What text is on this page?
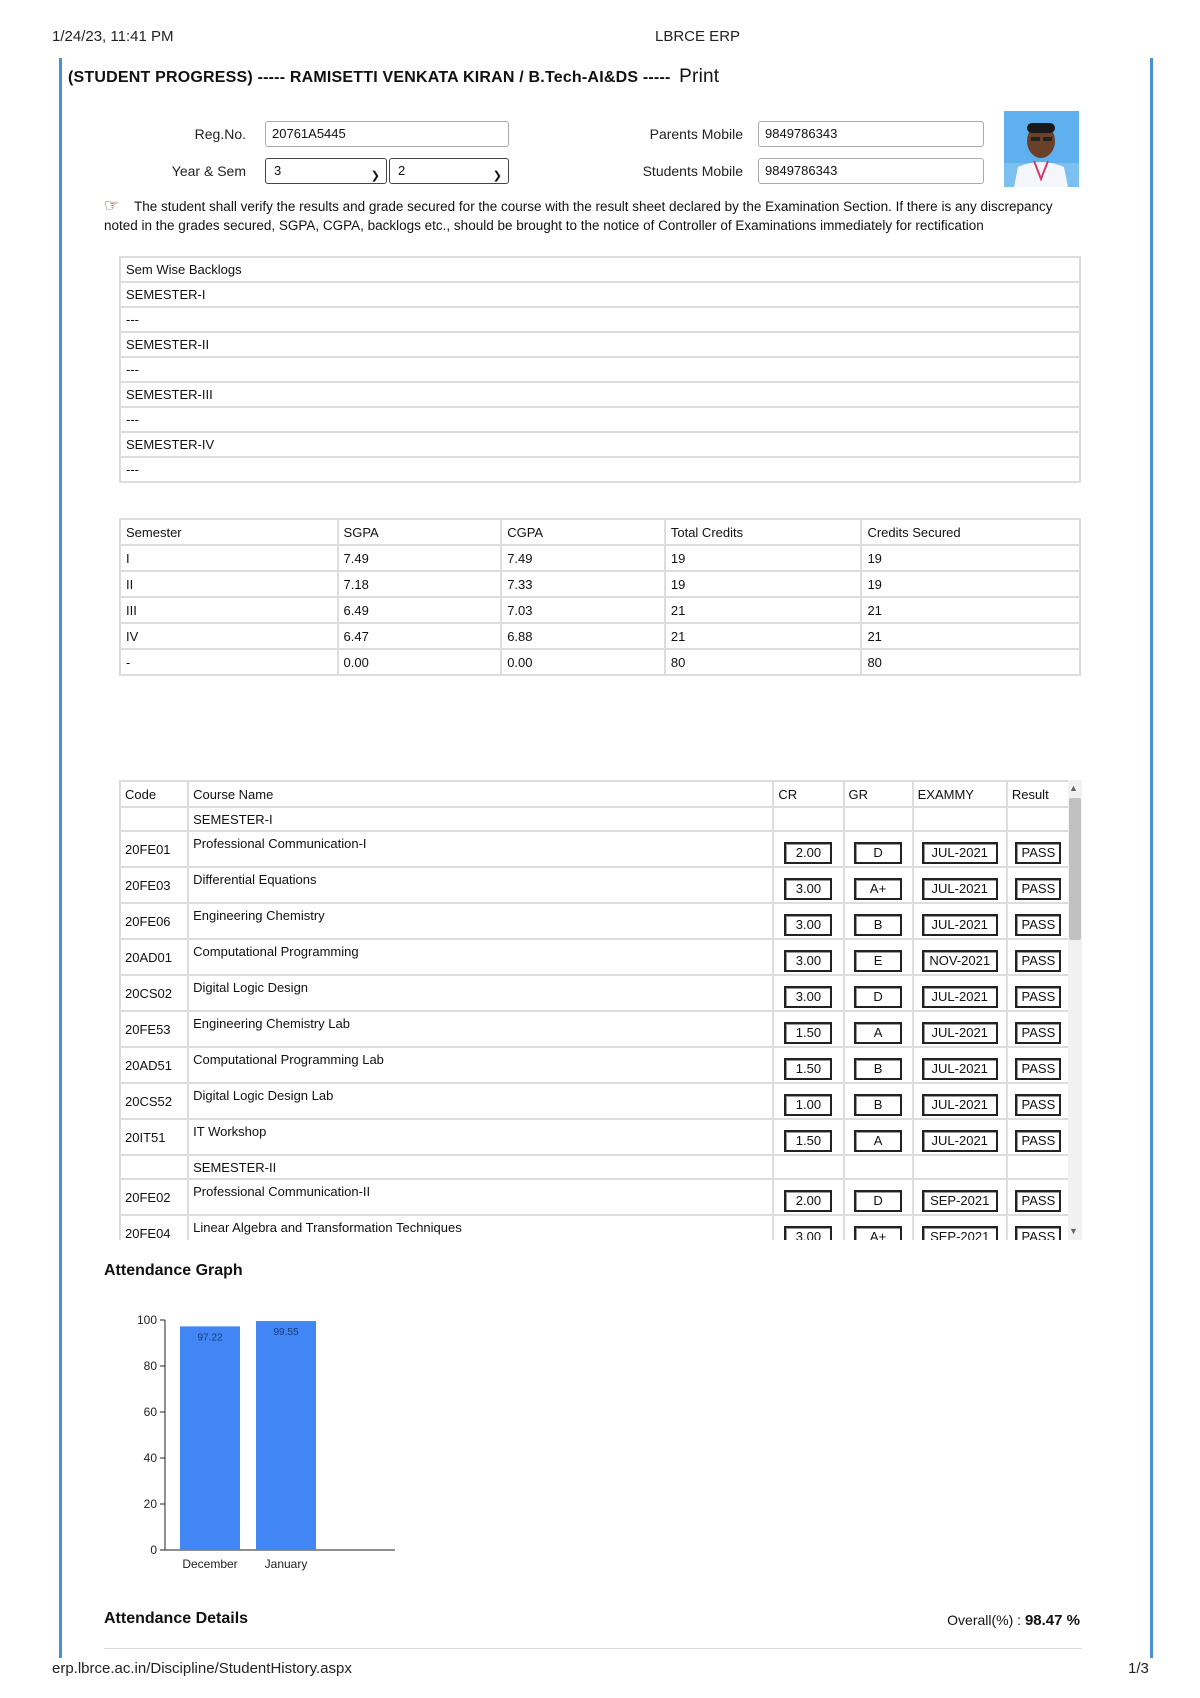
1/24/23, 11:41 PM	LBRCE ERP
(STUDENT PROGRESS) ----- RAMISETTI VENKATA KIRAN / B.Tech-AI&DS ----- Print
Reg.No.	20761A5445
Year & Sem	3	❯	2	❯
Parents Mobile	9849786343
Students Mobile	9849786343
☞ The student shall verify the results and grade secured for the course with the result sheet declared by the Examination Section. If there is any discrepancy noted in the grades secured, SGPA, CGPA, backlogs etc., should be brought to the notice of Controller of Examinations immediately for rectification
Sem Wise Backlogs
SEMESTER-I
---
SEMESTER-II
---
SEMESTER-III
---
SEMESTER-IV
---
Semester	SGPA	CGPA	Total Credits	Credits Secured
I	7.49	7.49	19	19
II	7.18	7.33	19	19
III	6.49	7.03	21	21
IV	6.47	6.88	21	21
-	0.00	0.00	80	80
Code	Course Name	CR	GR	EXAMMY	Result
	SEMESTER-I				
20FE01	Professional Communication-I	2.00	D	JUL-2021	PASS
20FE03	Differential Equations	3.00	A+	JUL-2021	PASS
20FE06	Engineering Chemistry	3.00	B	JUL-2021	PASS
20AD01	Computational Programming	3.00	E	NOV-2021	PASS
20CS02	Digital Logic Design	3.00	D	JUL-2021	PASS
20FE53	Engineering Chemistry Lab	1.50	A	JUL-2021	PASS
20AD51	Computational Programming Lab	1.50	B	JUL-2021	PASS
20CS52	Digital Logic Design Lab	1.00	B	JUL-2021	PASS
20IT51	IT Workshop	1.50	A	JUL-2021	PASS
	SEMESTER-II				
20FE02	Professional Communication-II	2.00	D	SEP-2021	PASS
20FE04	Linear Algebra and Transformation Techniques	3.00	A+	SEP-2021	PASS

▲
▼
Attendance Graph
0
20
40
60
80
100
97.22
December
99.55
January
Attendance Details	Overall(%) : 98.47 %
erp.lbrce.ac.in/Discipline/StudentHistory.aspx	1/3
